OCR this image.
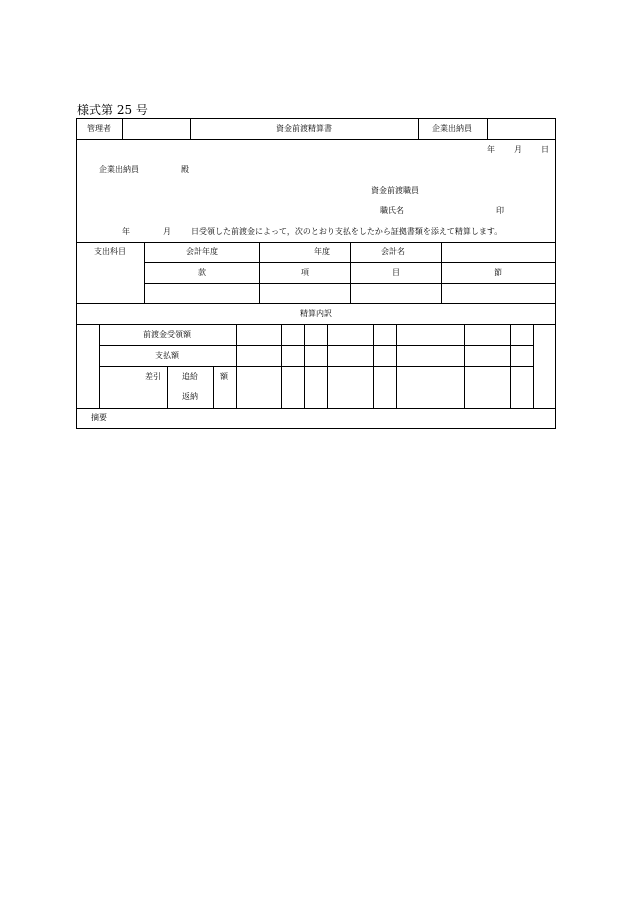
様式第 25 号
管理者	資金前渡精算書	企業出納員
年 月 日
企業出納員	殿
資金前渡職員
職氏名	印
年	月	日受領した前渡金によって，次のとおり支払をしたから証拠書類を添えて精算します。
支出科目	会計年度	年度	会計名
款	項	目	節
精算内訳
前渡金受領額
支払額
差引	追給	額
返納
摘要
